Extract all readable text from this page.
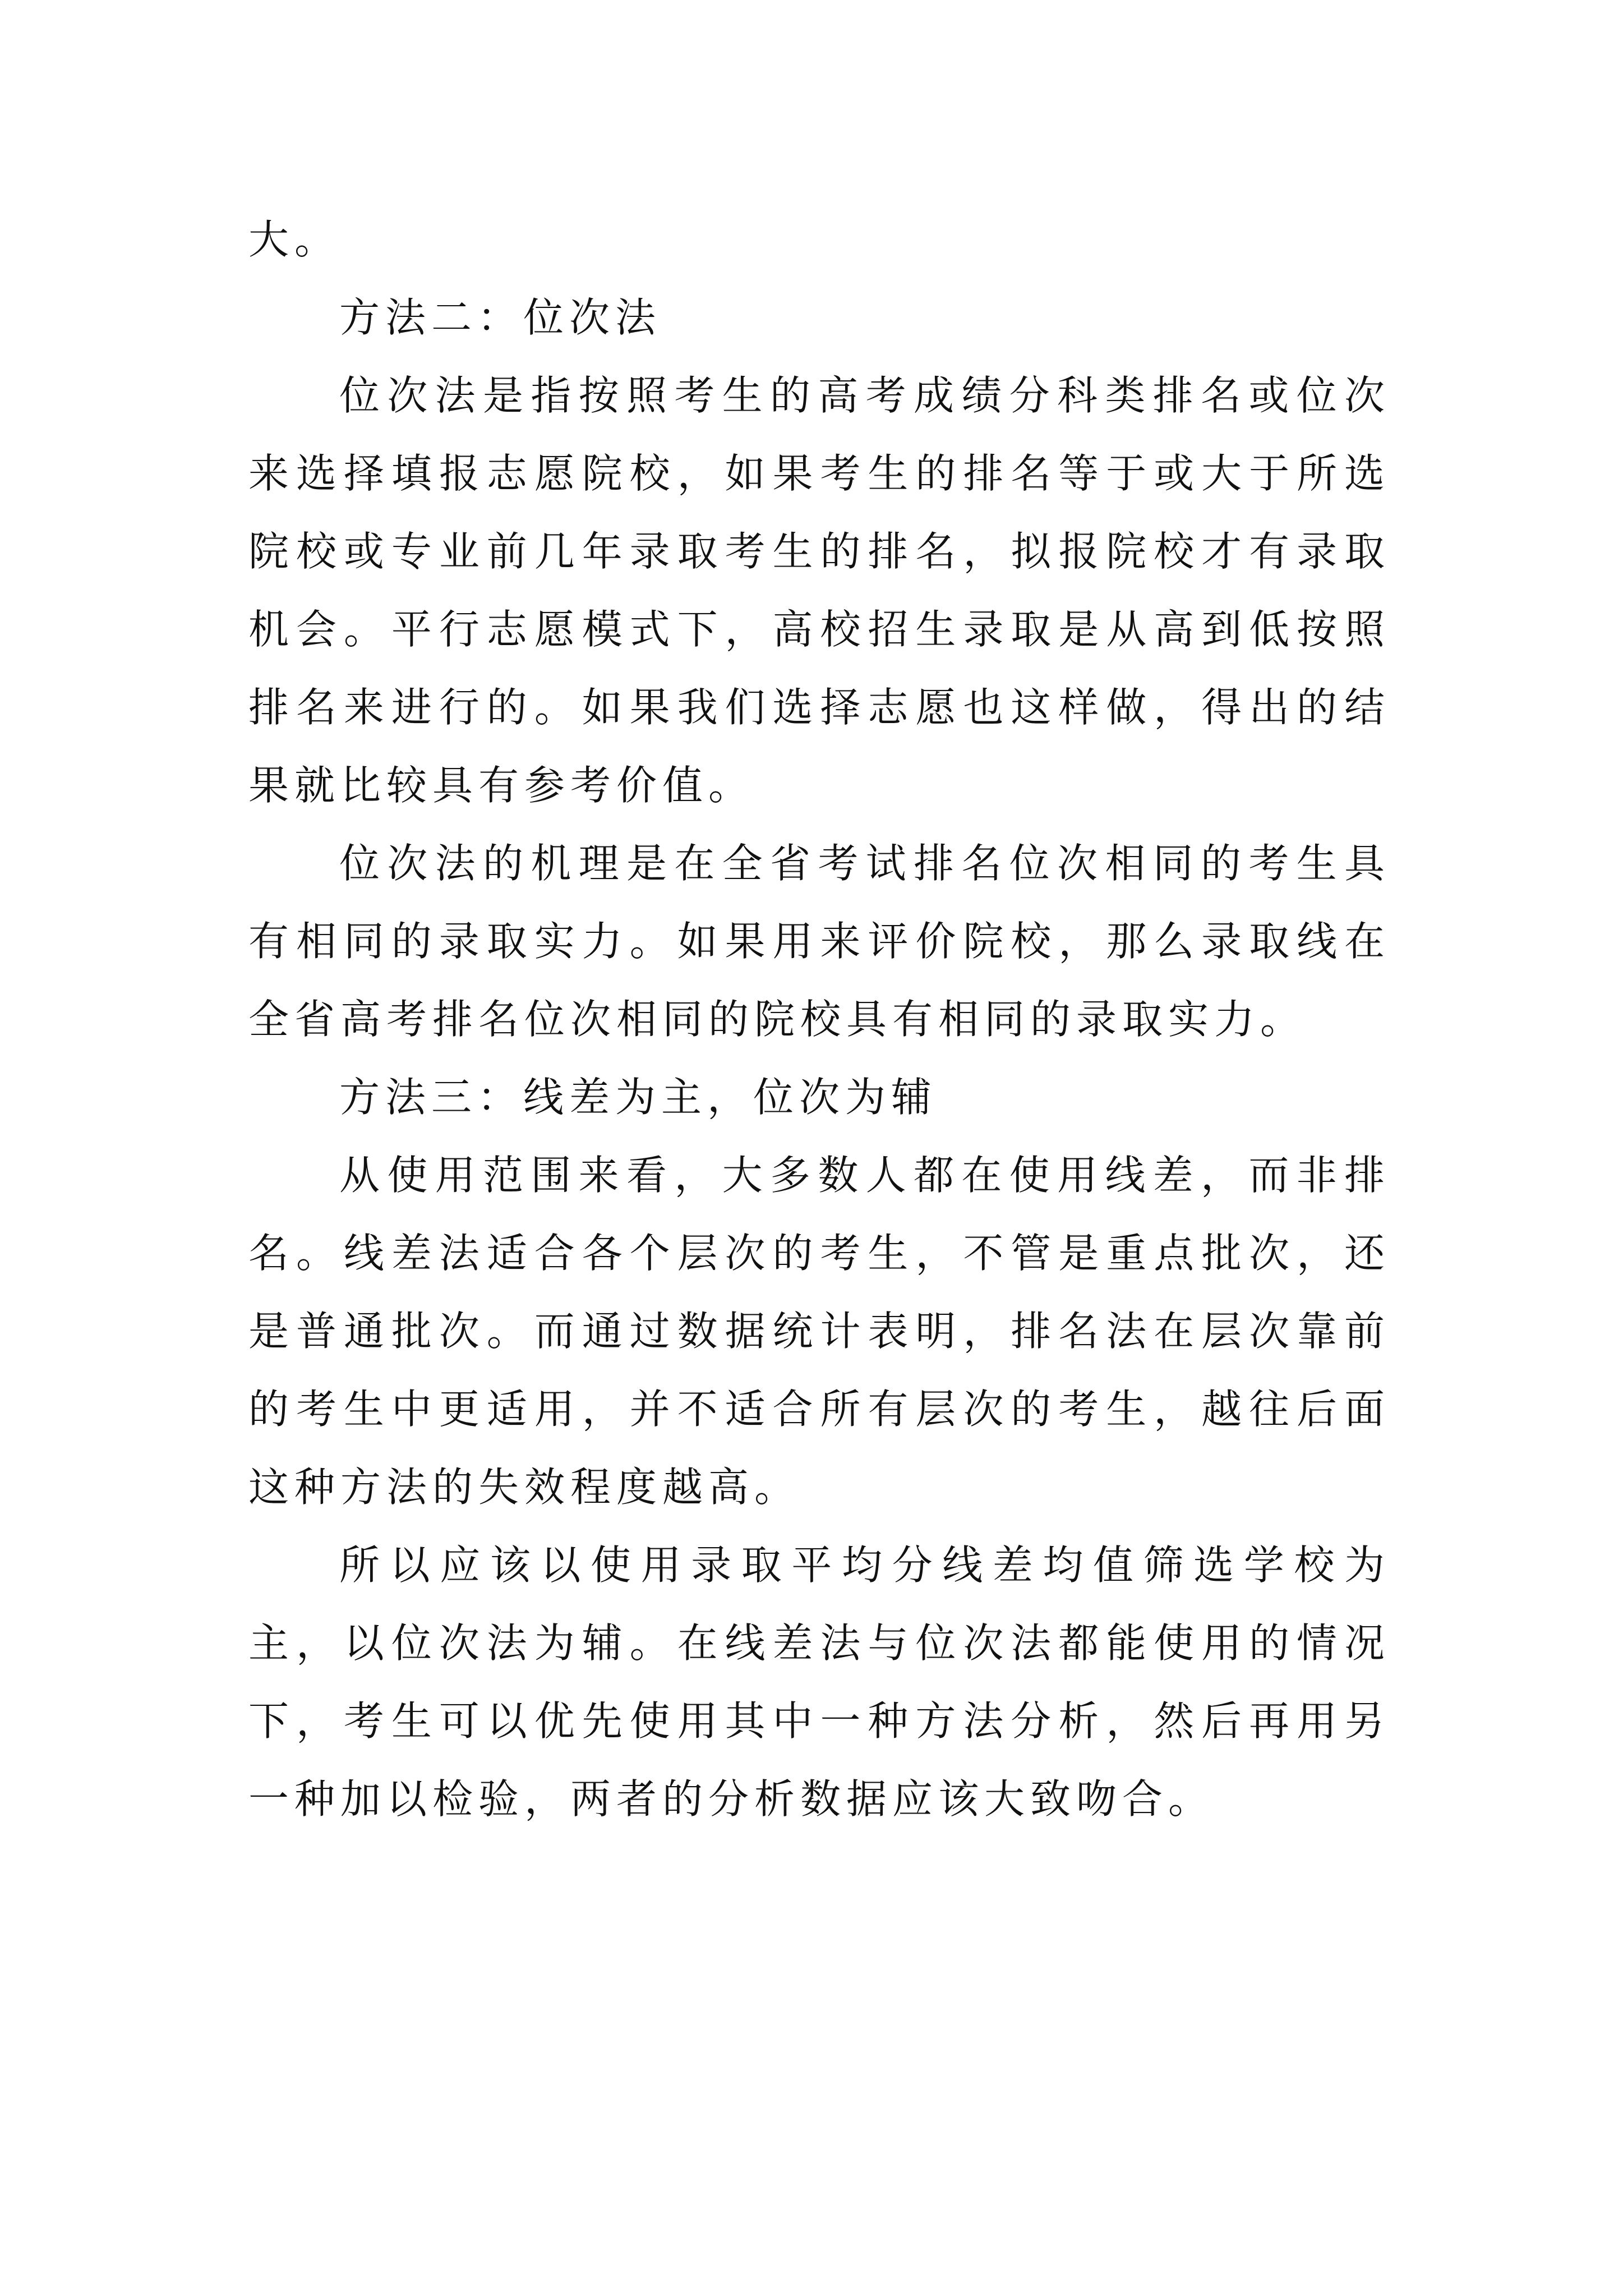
大。

方法二：位次法

位次法是指按照考生的高考成绩分科类排名或位次来选择填报志愿院校，如果考生的排名等于或大于所选院校或专业前几年录取考生的排名，拟报院校才有录取机会。平行志愿模式下，高校招生录取是从高到低按照排名来进行的。如果我们选择志愿也这样做，得出的结果就比较具有参考价值。

位次法的机理是在全省考试排名位次相同的考生具有相同的录取实力。如果用来评价院校，那么录取线在全省高考排名位次相同的院校具有相同的录取实力。

方法三：线差为主，位次为辅

从使用范围来看，大多数人都在使用线差，而非排名。线差法适合各个层次的考生，不管是重点批次，还是普通批次。而通过数据统计表明，排名法在层次靠前的考生中更适用，并不适合所有层次的考生，越往后面这种方法的失效程度越高。

所以应该以使用录取平均分线差均值筛选学校为主，以位次法为辅。在线差法与位次法都能使用的情况下，考生可以优先使用其中一种方法分析，然后再用另一种加以检验，两者的分析数据应该大致吻合。
